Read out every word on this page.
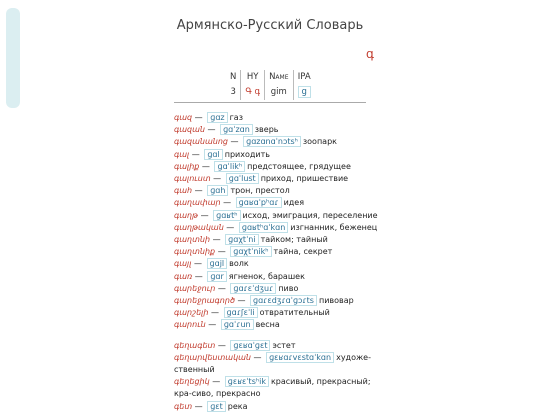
Армянско-Русский Словарь
գ
N	HY	Name	IPA
3	Գ գ	gim	g
գազ — ɡɑz газ
գազան — ɡɑˈzɑn зверь
գազանանոց — ɡɑzɑnɑˈnɔtsʰ зоопарк
գալ — ɡɑl приходить
գալիք — ɡɑˈlikʰ предстоящее, грядущее
գալուստ — ɡɑˈlust приход, пришествие
գահ — ɡɑh трон, престол
գաղափար — ɡɑʁɑˈpʰɑɾ идея
գաղթ — ɡɑʁtʰ исход, эмиграция, переселение
գաղթական — ɡɑʁtʰɑˈkɑn изгнанник, беженец
գաղտնի — ɡɑχtˈni тайком; тайный
գաղտնիք — ɡɑχtˈnikʰ тайна, секрет
գայլ — ɡɑjl волк
գառ — ɡɑr ягненок, барашек
գարեջուր — ɡɑɾɛˈdʒuɾ пиво
գարեջրագործ — ɡɑɾɛdʒɾɑˈɡɔɾts пивовар
գարշելի — ɡɑɾʃɛˈli отвратительный
գարուն — ɡɑˈɾun весна
գեղագետ — ɡɛʁɑˈɡɛt эстет
գեղարվեստական — ɡɛʁɑɾvɛstɑˈkɑn художе-ственный
գեղեցիկ — ɡɛʁɛˈtsʰik красивый, прекрасный; кра-сиво, прекрасно
գետ — ɡɛt река
